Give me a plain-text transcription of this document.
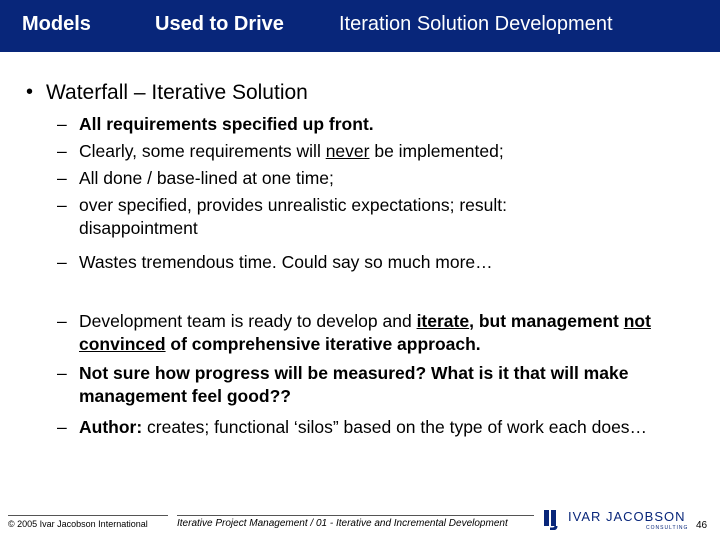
Models	Used to Drive	Iteration Solution Development
• Waterfall – Iterative Solution
– All requirements specified up front.
– Clearly, some requirements will never be implemented;
– All done / base-lined at one time;
– over specified, provides unrealistic expectations; result: disappointment
– Wastes tremendous time. Could say so much more…
– Development team is ready to develop and iterate, but management not convinced of comprehensive iterative approach.
– Not sure how progress will be measured? What is it that will make management feel good??
– Author: creates; functional ‘silos” based on the type of work each does…
© 2005 Ivar Jacobson International	Iterative Project Management / 01 - Iterative and Incremental Development	IVAR JACOBSON
CONSULTING 46
